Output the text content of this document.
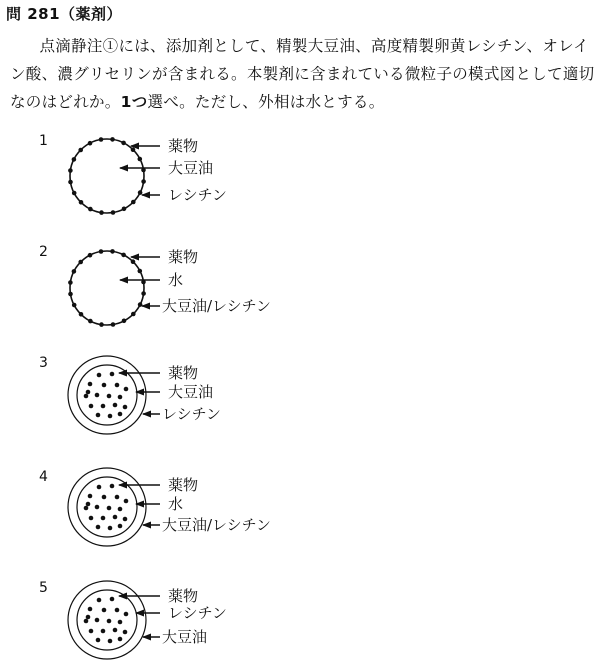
問 281（薬剤）
点滴静注①には、添加剤として、精製大豆油、高度精製卵黄レシチン、オレイン酸、濃グリセリンが含まれる。本製剤に含まれている微粒子の模式図として適切なのはどれか。1つ選べ。ただし、外相は水とする。
1
2
3
4
5
薬物
大豆油
レシチン
薬物
水
大豆油/レシチン
薬物
大豆油
レシチン
薬物
水
大豆油/レシチン
薬物
レシチン
大豆油
